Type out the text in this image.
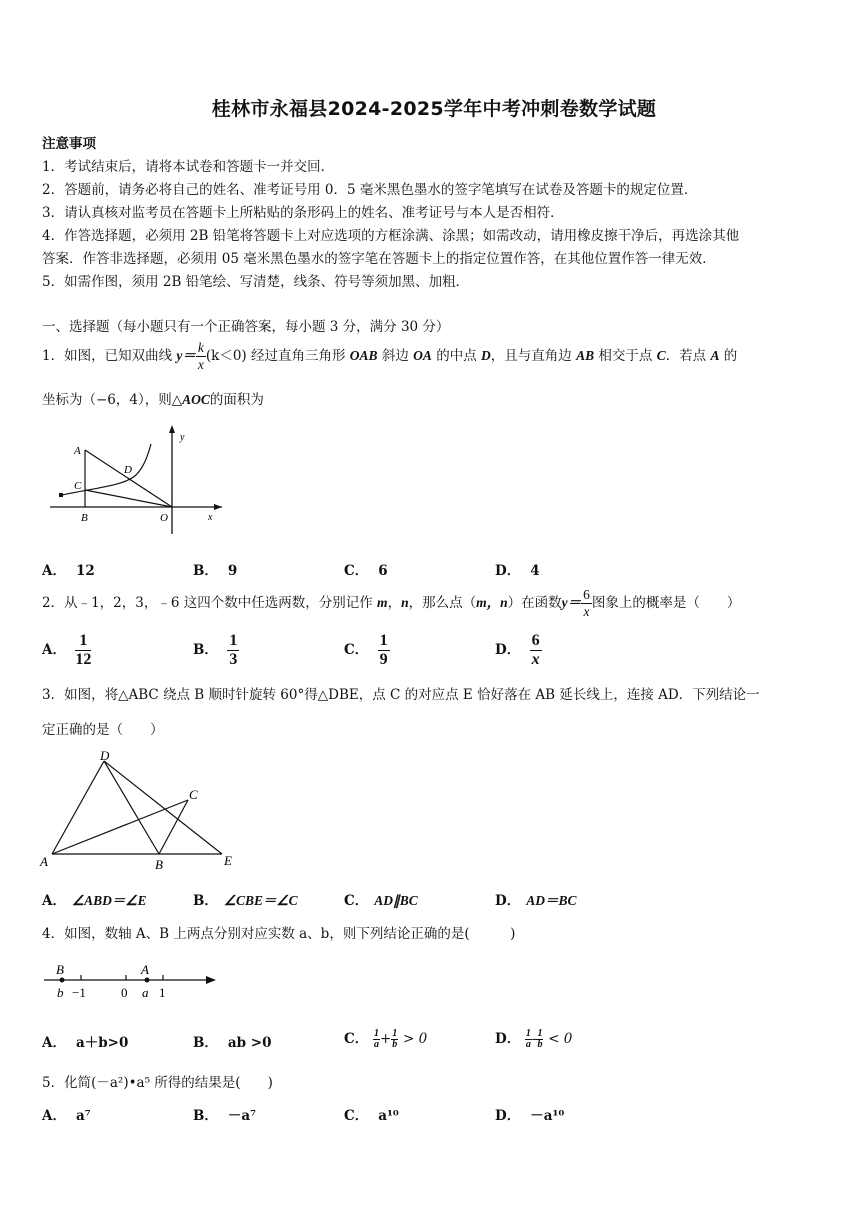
桂林市永福县2024-2025学年中考冲刺卷数学试题
注意事项
1．考试结束后，请将本试卷和答题卡一并交回．
2．答题前，请务必将自己的姓名、准考证号用 0．5 毫米黑色墨水的签字笔填写在试卷及答题卡的规定位置．
3．请认真核对监考员在答题卡上所粘贴的条形码上的姓名、准考证号与本人是否相符．
4．作答选择题，必须用 2B 铅笔将答题卡上对应选项的方框涂满、涂黑；如需改动，请用橡皮擦干净后，再选涂其他
答案．作答非选择题，必须用 05 毫米黑色墨水的签字笔在答题卡上的指定位置作答，在其他位置作答一律无效．
5．如需作图，须用 2B 铅笔绘、写清楚，线条、符号等须加黑、加粗．
一、选择题（每小题只有一个正确答案，每小题 3 分，满分 30 分）
1．如图，已知双曲线 $y= \frac{k}{x} (k<0)$ 经过直角三角形 OAB 斜边 OA 的中点 D，且与直角边 AB 相交于点 C．若点 A 的
坐标为（−6，4），则△AOC的面积为
A
C
D
B	O	x
y
A． 12	B． 9	C． 6	D． 4
2．从﹣1，2，3，﹣6 这四个数中任选两数，分别记作 m，n，那么点（m，n）在函数$y= \frac{6}{x}$ 图象上的概率是（　　）
A． $\frac{1}{12}$	B． $\frac{1}{3}$	C． $\frac{1}{9}$	D． $\frac{6}{x}$
3．如图，将△ABC 绕点 B 顺时针旋转 60°得△DBE，点 C 的对应点 E 恰好落在 AB 延长线上，连接 AD．下列结论一
定正确的是（　　）
D
C
A	B	E
A． ∠ABD＝∠E	B． ∠CBE＝∠C	C． AD∥BC	D． AD＝BC
4．如图，数轴 A、B 上两点分别对应实数 a、b，则下列结论正确的是(　　　)
B	A
b −1	0 a 1
A． a＋b>0	B． ab >0	C． $\frac{1}{a} + \frac{1}{b} > 0$	D． $\frac{1}{a} - \frac{1}{b} < 0$
5．化简(－a²)•a⁵ 所得的结果是(　　)
A． a⁷	B． －a⁷	C． a¹⁰	D． －a¹⁰
